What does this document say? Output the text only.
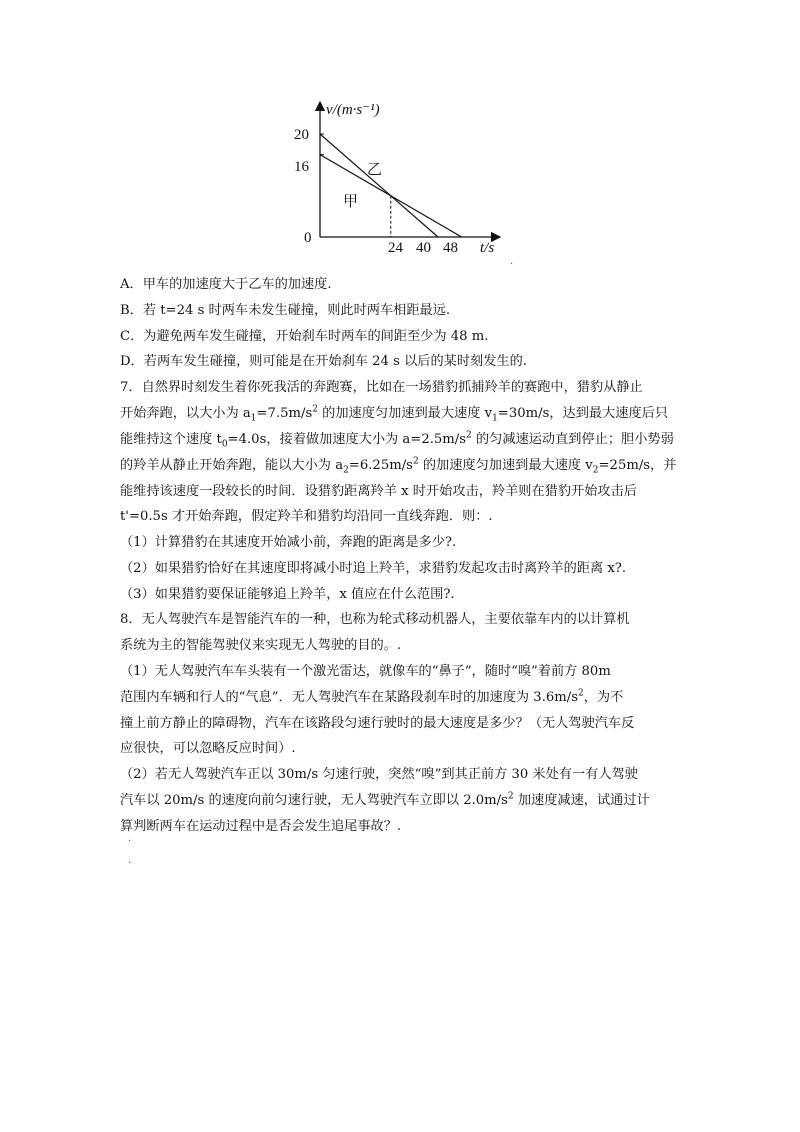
v/(m·s⁻¹)
t/s
0
20
16
24 40 48
甲
乙
.
A．甲车的加速度大于乙车的加速度.
B．若 t=24 s 时两车未发生碰撞，则此时两车相距最远.
C．为避免两车发生碰撞，开始刹车时两车的间距至少为 48 m.
D．若两车发生碰撞，则可能是在开始刹车 24 s 以后的某时刻发生的.
7．自然界时刻发生着你死我活的奔跑赛，比如在一场猎豹抓捕羚羊的赛跑中，猎豹从静止
开始奔跑，以大小为 $a_1=7.5m/s^2$ 的加速度匀加速到最大速度 $v_1=30m/s$，达到最大速度后只
能维持这个速度 $t_0=4.0s$，接着做加速度大小为 $a=2.5m/s^2$ 的匀减速运动直到停止；胆小势弱
的羚羊从静止开始奔跑，能以大小为 $a_2=6.25m/s^2$ 的加速度匀加速到最大速度 $v_2=25m/s$，并
能维持该速度一段较长的时间．设猎豹距离羚羊 x 时开始攻击，羚羊则在猎豹开始攻击后
t'=0.5s 才开始奔跑，假定羚羊和猎豹均沿同一直线奔跑．则：.
（1）计算猎豹在其速度开始减小前，奔跑的距离是多少?.
（2）如果猎豹恰好在其速度即将减小时追上羚羊，求猎豹发起攻击时离羚羊的距离 x?.
（3）如果猎豹要保证能够追上羚羊，x 值应在什么范围?.
8．无人驾驶汽车是智能汽车的一种，也称为轮式移动机器人，主要依靠车内的以计算机
系统为主的智能驾驶仪来实现无人驾驶的目的。.
（1）无人驾驶汽车车头装有一个激光雷达，就像车的“鼻子”，随时“嗅”着前方 80m
范围内车辆和行人的“气息”．无人驾驶汽车在某路段刹车时的加速度为 $3.6m/s^2$，为不
撞上前方静止的障碍物，汽车在该路段匀速行驶时的最大速度是多少？（无人驾驶汽车反
应很快，可以忽略反应时间）.
（2）若无人驾驶汽车正以 30m/s 匀速行驶，突然“嗅”到其正前方 30 米处有一有人驾驶
汽车以 20m/s 的速度向前匀速行驶，无人驾驶汽车立即以 $2.0m/s^2$ 加速度减速，试通过计
算判断两车在运动过程中是否会发生追尾事故？.
·
·
